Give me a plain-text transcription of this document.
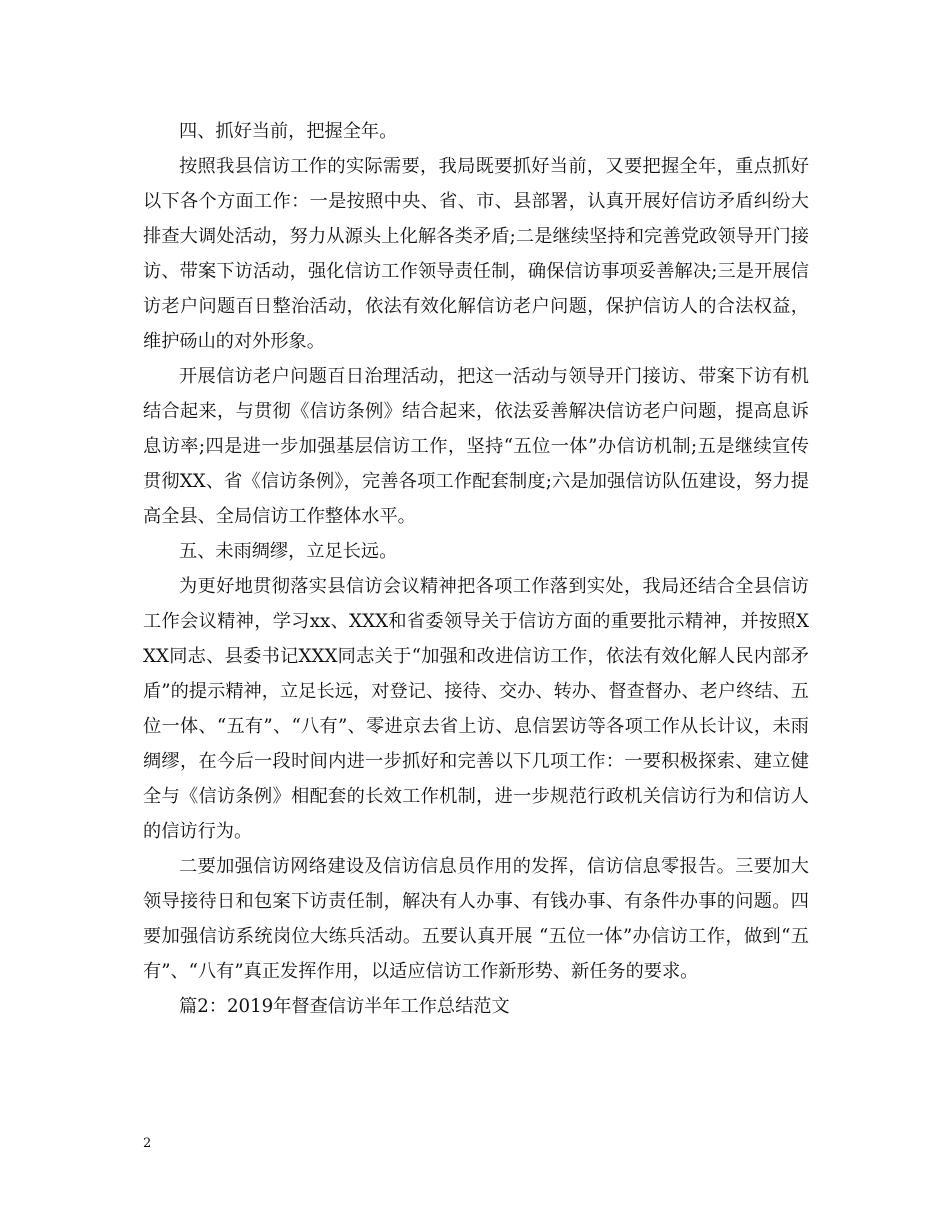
四、抓好当前，把握全年。

按照我县信访工作的实际需要，我局既要抓好当前，又要把握全年，重点抓好以下各个方面工作：一是按照中央、省、市、县部署，认真开展好信访矛盾纠纷大排查大调处活动，努力从源头上化解各类矛盾;二是继续坚持和完善党政领导开门接访、带案下访活动，强化信访工作领导责任制，确保信访事项妥善解决;三是开展信访老户问题百日整治活动，依法有效化解信访老户问题，保护信访人的合法权益，维护砀山的对外形象。

开展信访老户问题百日治理活动，把这一活动与领导开门接访、带案下访有机结合起来，与贯彻《信访条例》结合起来，依法妥善解决信访老户问题，提高息诉息访率;四是进一步加强基层信访工作，坚持“五位一体”办信访机制;五是继续宣传贯彻XX、省《信访条例》，完善各项工作配套制度;六是加强信访队伍建设，努力提高全县、全局信访工作整体水平。

五、未雨绸缪，立足长远。

为更好地贯彻落实县信访会议精神把各项工作落到实处，我局还结合全县信访工作会议精神，学习xx、XXX和省委领导关于信访方面的重要批示精神，并按照XXX同志、县委书记XXX同志关于“加强和改进信访工作，依法有效化解人民内部矛盾”的提示精神，立足长远，对登记、接待、交办、转办、督查督办、老户终结、五位一体、“五有”、“八有”、零进京去省上访、息信罢访等各项工作从长计议，未雨绸缪，在今后一段时间内进一步抓好和完善以下几项工作：一要积极探索、建立健全与《信访条例》相配套的长效工作机制，进一步规范行政机关信访行为和信访人的信访行为。

二要加强信访网络建设及信访信息员作用的发挥，信访信息零报告。三要加大领导接待日和包案下访责任制，解决有人办事、有钱办事、有条件办事的问题。四要加强信访系统岗位大练兵活动。五要认真开展 “五位一体”办信访工作，做到“五有”、“八有”真正发挥作用，以适应信访工作新形势、新任务的要求。

篇2：2019年督查信访半年工作总结范文

2
